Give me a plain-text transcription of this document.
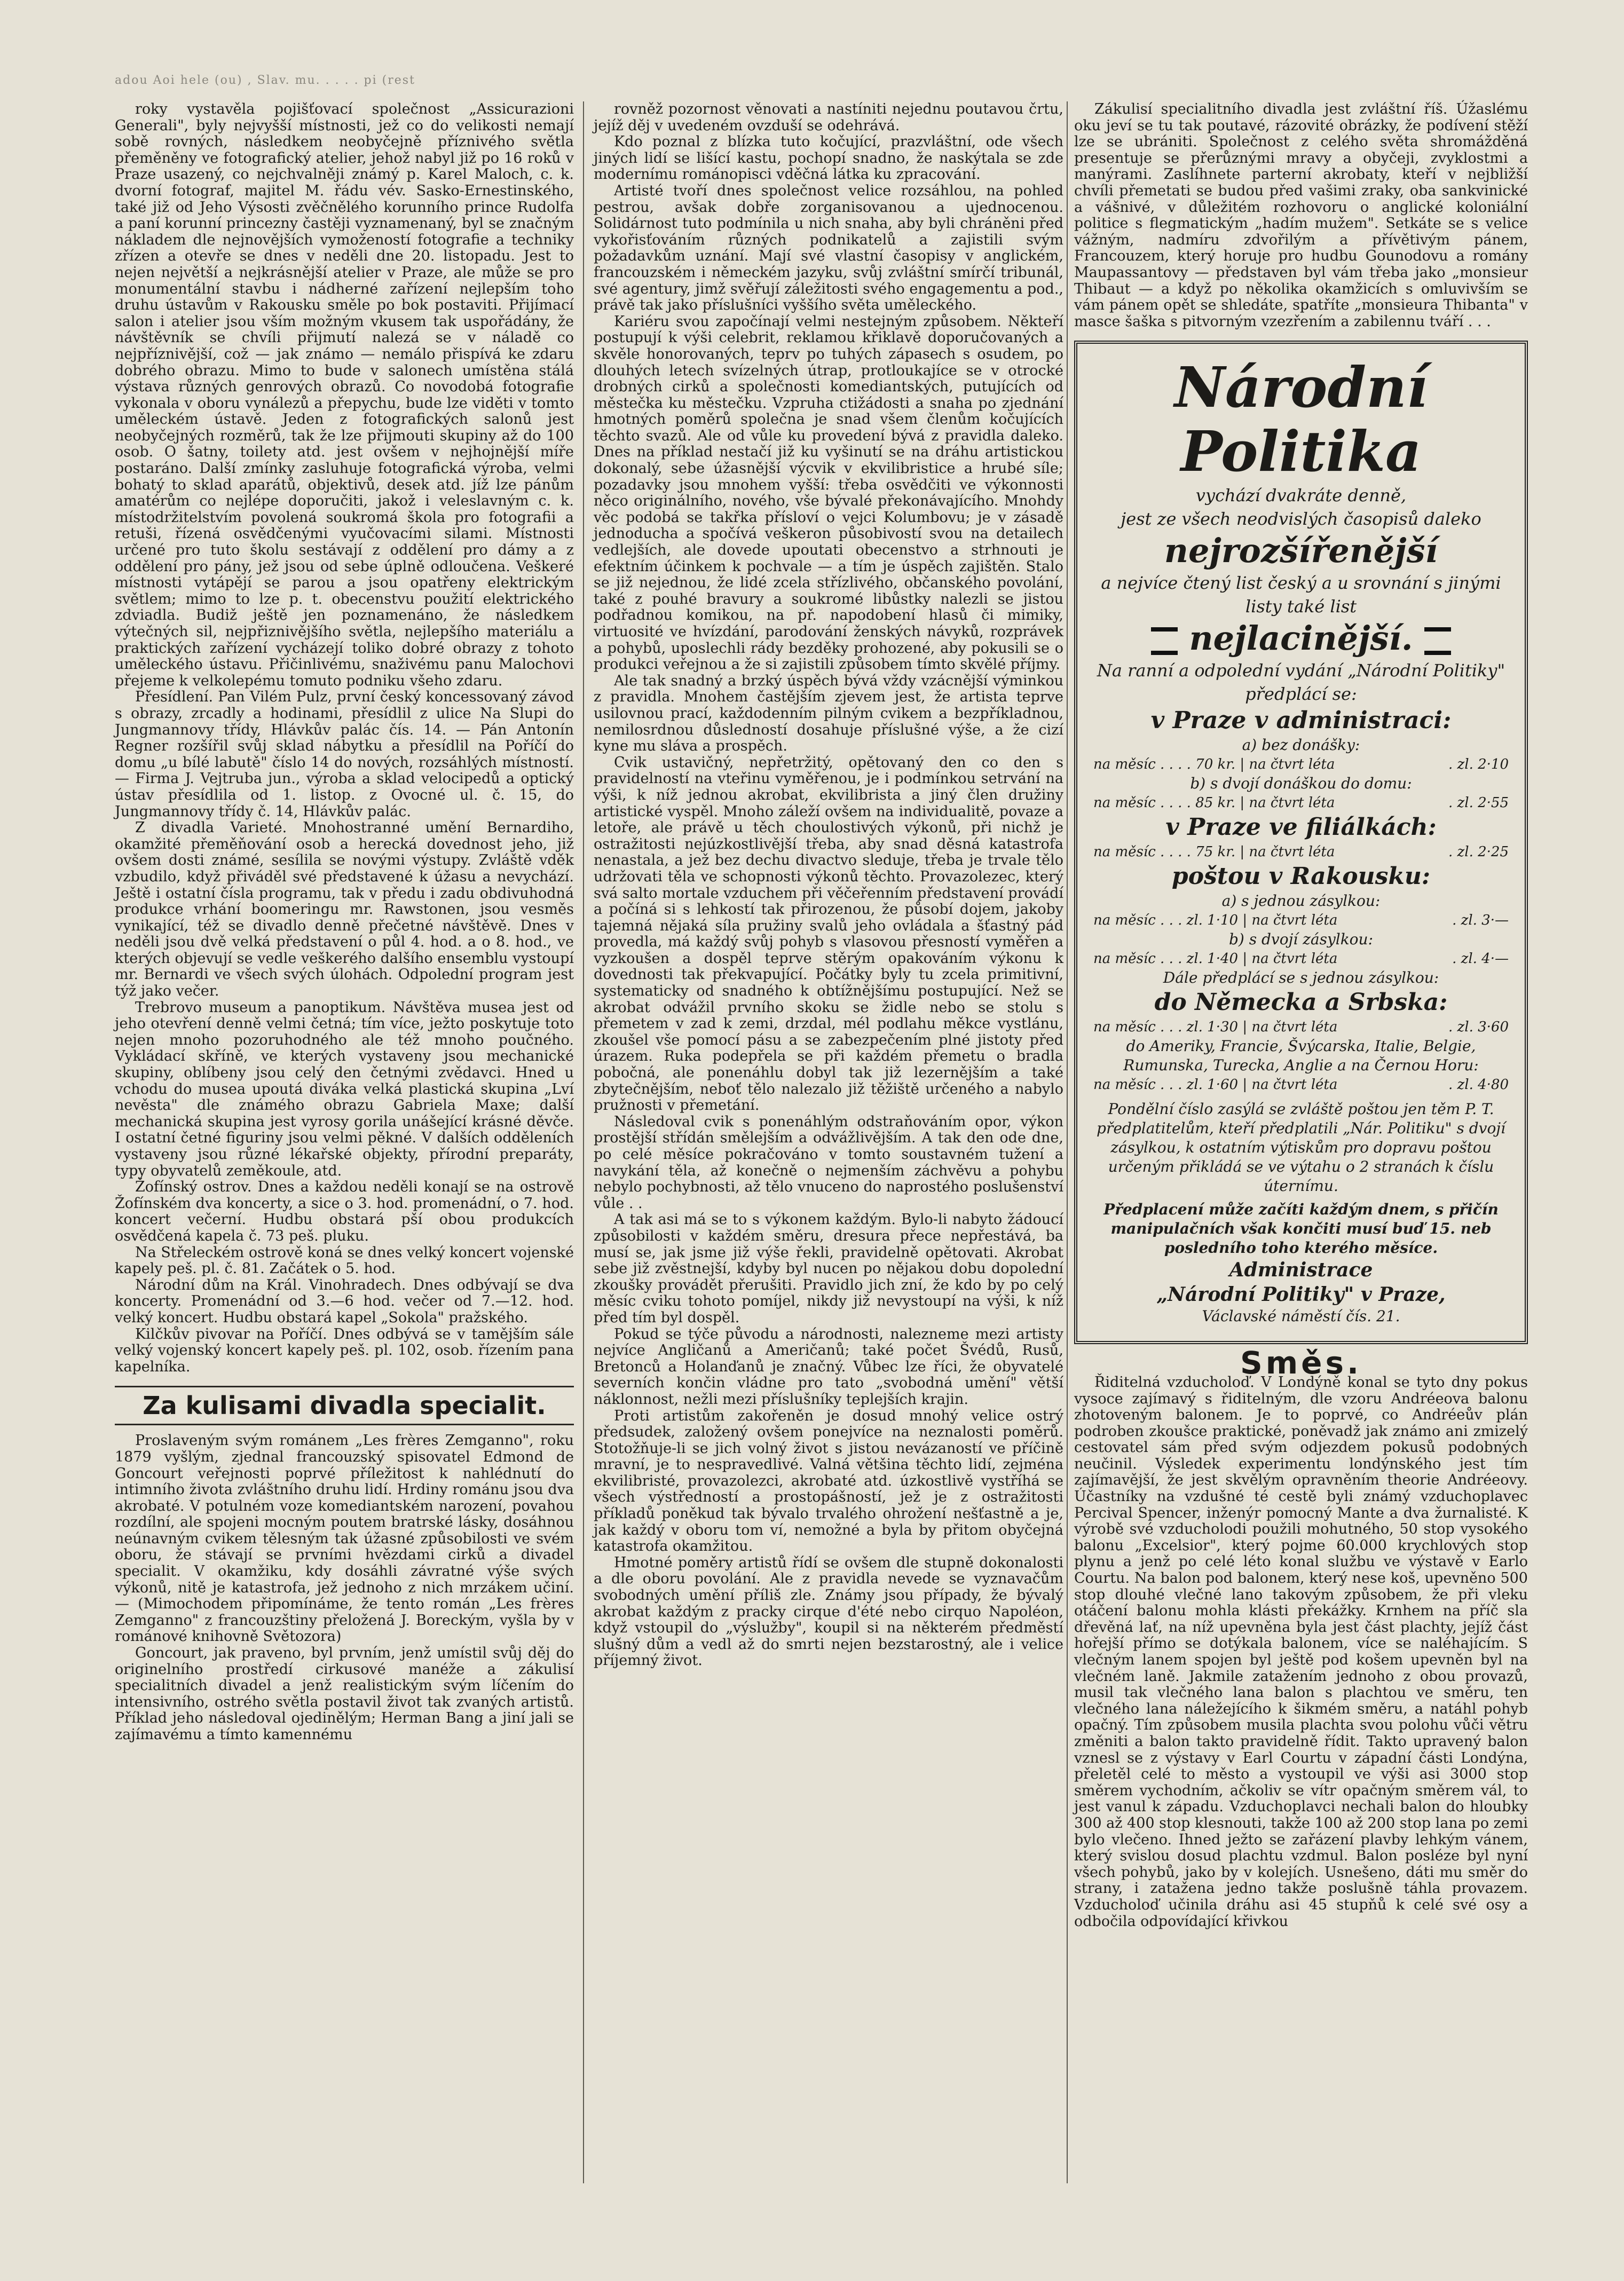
adou Aoi hele (ou) , Slav. mu. . . . . pi (rest

roky vystavěla pojišťovací společnost „Assicurazioni Generali", byly nejvyšší místnosti, jež co do velikosti nemají sobě rovných, následkem neobyčejně příznivého světla přeměněny ve fotografický atelier, jehož nabyl již po 16 roků v Praze usazený, co nejchvalněji známý p. Karel Maloch, c. k. dvorní fotograf, majitel M. řádu vév. Sasko-Ernestinského, také již od Jeho Výsosti zvěčnělého korunního prince Rudolfa a paní korunní princezny častěji vyznamenaný, byl se značným nákladem dle nejnovějších vymožeností fotografie a techniky zřízen a otevře se dnes v neděli dne 20. listopadu. Jest to nejen největší a nejkrásnější atelier v Praze, ale může se pro monumentální stavbu i nádherné zařízení nejlepším toho druhu ústavům v Rakousku směle po bok postaviti. Přijímací salon i atelier jsou vším možným vkusem tak uspořádány, že návštěvník se chvíli přijmutí nalezá se v náladě co nejpříznivější, což — jak známo — nemálo přispívá ke zdaru dobrého obrazu. Mimo to bude v salonech umístěna stálá výstava různých genrových obrazů. Co novodobá fotografie vykonala v oboru vynálezů a přepychu, bude lze viděti v tomto uměleckém ústavě. Jeden z fotografických salonů jest neobyčejných rozměrů, tak že lze přijmouti skupiny až do 100 osob. O šatny, toilety atd. jest ovšem v nejhojnější míře postaráno. Další zmínky zasluhuje fotografická výroba, velmi bohatý to sklad aparátů, objektivů, desek atd. jíž lze pánům amatérům co nejlépe doporučiti, jakož i veleslavným c. k. místodržitelstvím povolená soukromá škola pro fotografii a retuši, řízená osvědčenými vyučovacími silami. Místnosti určené pro tuto školu sestávají z oddělení pro dámy a z oddělení pro pány, jež jsou od sebe úplně odloučena. Veškeré místnosti vytápějí se parou a jsou opatřeny elektrickým světlem; mimo to lze p. t. obecenstvu použití elektrického zdviadla. Budiž ještě jen poznamenáno, že následkem výtečných sil, nejpřiznivějšího světla, nejlepšího materiálu a praktických zařízení vycházejí toliko dobré obrazy z tohoto uměleckého ústavu. Přičinlivému, snaživému panu Malochovi přejeme k velkolepému tomuto podniku všeho zdaru.

Přesídlení. Pan Vilém Pulz, první český koncessovaný závod s obrazy, zrcadly a hodinami, přesídlil z ulice Na Slupi do Jungmannovy třídy, Hlávkův palác čís. 14. — Pán Antonín Regner rozšířil svůj sklad nábytku a přesídlil na Poříčí do domu „u bílé labutě" číslo 14 do nových, rozsáhlých místností. — Firma J. Vejtruba jun., výroba a sklad velocipedů a optický ústav přesídlila od 1. listop. z Ovocné ul. č. 15, do Jungmannovy třídy č. 14, Hlávkův palác.

Z divadla Varieté. Mnohostranné umění Bernardiho, okamžité přeměňování osob a herecká dovednost jeho, již ovšem dosti známé, sesílila se novými výstupy. Zvláště vděk vzbudilo, když přiváděl své představené k úžasu a nevychází. Ještě i ostatní čísla programu, tak v předu i zadu obdivuhodná produkce vrhání boomeringu mr. Rawstonen, jsou vesměs vynikající, též se divadlo denně přečetné návštěvě. Dnes v neděli jsou dvě velká představení o půl 4. hod. a o 8. hod., ve kterých objevují se vedle veškerého dalšího ensemblu vystoupí mr. Bernardi ve všech svých úlohách. Odpolední program jest týž jako večer.

Trebrovo museum a panoptikum. Návštěva musea jest od jeho otevření denně velmi četná; tím více, ježto poskytuje toto nejen mnoho pozoruhodného ale též mnoho poučného. Vykládací skříně, ve kterých vystaveny jsou mechanické skupiny, oblíbeny jsou celý den četnými zvědavci. Hned u vchodu do musea upoutá diváka velká plastická skupina „Lví nevěsta" dle známého obrazu Gabriela Maxe; další mechanická skupina jest vyrosy gorila unášející krásné děvče. I ostatní četné figuriny jsou velmi pěkné. V dalších odděleních vystaveny jsou různé lékařské objekty, přírodní preparáty, typy obyvatelů zeměkoule, atd.

Žofínský ostrov. Dnes a každou neděli konají se na ostrově Žofínském dva koncerty, a sice o 3. hod. promenádní, o 7. hod. koncert večerní. Hudbu obstará pší obou produkcích osvědčená kapela č. 73 peš. pluku.

Na Střeleckém ostrově koná se dnes velký koncert vojenské kapely peš. pl. č. 81. Začátek o 5. hod.

Národní dům na Král. Vinohradech. Dnes odbývají se dva koncerty. Promenádní od 3.—6 hod. večer od 7.—12. hod. velký koncert. Hudbu obstará kapel „Sokola" pražského.

Kilčkův pivovar na Poříčí. Dnes odbývá se v tamějším sále velký vojenský koncert kapely peš. pl. 102, osob. řízením pana kapelníka.

Za kulisami divadla specialit.

Proslaveným svým románem „Les frères Zemganno", roku 1879 vyšlým, zjednal francouzský spisovatel Edmond de Goncourt veřejnosti poprvé příležitost k nahlédnutí do intimního života zvláštního druhu lidí. Hrdiny románu jsou dva akrobaté. V potulném voze komediantském narození, povahou rozdílní, ale spojeni mocným poutem bratrské lásky, dosáhnou neúnavným cvikem tělesným tak úžasné způsobilosti ve svém oboru, že stávají se prvními hvězdami cirků a divadel specialit. V okamžiku, kdy dosáhli závratné výše svých výkonů, nitě je katastrofa, jež jednoho z nich mrzákem učiní. — (Mimochodem připomínáme, že tento román „Les frères Zemganno" z francouzštiny přeložená J. Boreckým, vyšla by v románové knihovně Světozora)

Goncourt, jak praveno, byl prvním, jenž umístil svůj děj do originelního prostředí cirkusové manéže a zákulisí specialitních divadel a jenž realistickým svým líčením do intensivního, ostrého světla postavil život tak zvaných artistů. Příklad jeho následoval ojedinělým; Herman Bang a jiní jali se zajímavému a tímto kamennému

rovněž pozornost věnovati a nastíniti nejednu poutavou črtu, jejíž děj v uvedeném ovzduší se odehrává.

Kdo poznal z blízka tuto kočující, prazvláštní, ode všech jiných lidí se lišící kastu, pochopí snadno, že naskýtala se zde modernímu románopisci vděčná látka ku zpracování.

Artisté tvoří dnes společnost velice rozsáhlou, na pohled pestrou, avšak dobře zorganisovanou a ujednocenou. Solidárnost tuto podmínila u nich snaha, aby byli chráněni před vykořisťováním různých podnikatelů a zajistili svým požadavkům uznání. Mají své vlastní časopisy v anglickém, francouzském i německém jazyku, svůj zvláštní smírčí tribunál, své agentury, jimž svěřují záležitosti svého engagementu a pod., právě tak jako příslušníci vyššího světa uměleckého.

Kariéru svou započínají velmi nestejným způsobem. Někteří postupují k výši celebrit, reklamou křiklavě doporučovaných a skvěle honorovaných, teprv po tuhých zápasech s osudem, po dlouhých letech svízelných útrap, protloukajíce se v otrocké drobných cirků a společnosti komediantských, putujících od městečka ku městečku. Vzpruha ctižádosti a snaha po zjednání hmotných poměrů společna je snad všem členům kočujících těchto svazů. Ale od vůle ku provedení bývá z pravidla daleko. Dnes na příklad nestačí již ku vyšinutí se na dráhu artistickou dokonalý, sebe úžasnější výcvik v ekvilibristice a hrubé síle; pozadavky jsou mnohem vyšší: třeba osvědčiti ve výkonnosti něco originálního, nového, vše bývalé překonávajícího. Mnohdy věc podobá se takřka přísloví o vejci Kolumbovu; je v zásadě jednoducha a spočívá veškeron působivostí svou na detailech vedlejších, ale dovede upoutati obecenstvo a strhnouti je efektním účinkem k pochvale — a tím je úspěch zajištěn. Stalo se již nejednou, že lidé zcela střízlivého, občanského povolání, také z pouhé bravury a soukromé libůstky nalezli se jistou podřadnou komikou, na př. napodobení hlasů či mimiky, virtuosité ve hvízdání, parodování ženských návyků, rozprávek a pohybů, uposlechli rády bezděky prohozené, aby pokusili se o produkci veřejnou a že si zajistili způsobem tímto skvělé příjmy.

Ale tak snadný a brzký úspěch bývá vždy vzácnější výminkou z pravidla. Mnohem častějším zjevem jest, že artista teprve usilovnou prací, každodenním pilným cvikem a bezpříkladnou, nemilosrdnou důsledností dosahuje příslušné výše, a že cizí kyne mu sláva a prospěch.

Cvik ustavičný, nepřetržitý, opětovaný den co den s pravidelností na vteřinu vyměřenou, je i podmínkou setrvání na výši, k níž jednou akrobat, ekvilibrista a jiný člen družiny artistické vyspěl. Mnoho záleží ovšem na individualitě, povaze a letoře, ale právě u těch choulostivých výkonů, při nichž je ostražitosti nejúzkostlivější třeba, aby snad děsná katastrofa nenastala, a jež bez dechu divactvo sleduje, třeba je trvale tělo udržovati těla ve schopnosti výkonů těchto. Provazolezec, který svá salto mortale vzduchem při věčeřenním představení provádí a počíná si s lehkostí tak přirozenou, že působí dojem, jakoby tajemná nějaká síla pružiny svalů jeho ovládala a šťastný pád provedla, má každý svůj pohyb s vlasovou přesností vyměřen a vyzkoušen a dospěl teprve stěrým opakováním výkonu k dovednosti tak překvapující. Počátky byly tu zcela primitivní, systematicky od snadného k obtížnějšímu postupující. Než se akrobat odvážil prvního skoku se židle nebo se stolu s přemetem v zad k zemi, drzdal, mél podlahu měkce vystlánu, zkoušel vše pomocí pásu a se zabezpečením plné jistoty před úrazem. Ruka podepřela se při každém přemetu o bradla pobočná, ale ponenáhlu dobyl tak již lezernějším a také zbytečnějším, neboť tělo nalezalo již těžiště určeného a nabylo pružnosti v přemetání.

Následoval cvik s ponenáhlým odstraňováním opor, výkon prostější střídán smělejším a odvážlivějším. A tak den ode dne, po celé měsíce pokračováno v tomto soustavném tužení a navykání těla, až konečně o nejmenším záchvěvu a pohybu nebylo pochybnosti, až tělo vnuceno do naprostého poslušenství vůle . .

A tak asi má se to s výkonem každým. Bylo-li nabyto žádoucí způsobilosti v každém směru, dresura přece nepřestává, ba musí se, jak jsme již výše řekli, pravidelně opětovati. Akrobat sebe již zvěstnejší, kdyby byl nucen po nějakou dobu dopolední zkoušky provádět přerušiti. Pravidlo jich zní, že kdo by po celý měsíc cviku tohoto pomíjel, nikdy již nevystoupí na výši, k níž před tím byl dospěl.

Pokud se týče původu a národnosti, nalezneme mezi artisty nejvíce Angličanů a Američanů; také počet Švédů, Rusů, Bretonců a Holanďanů je značný. Vůbec lze říci, že obyvatelé severních končin vládne pro tato „svobodná umění" větší náklonnost, nežli mezi příslušníky teplejších krajin.

Proti artistům zakořeněn je dosud mnohý velice ostrý předsudek, založený ovšem ponejvíce na neznalosti poměrů. Stotožňuje-li se jich volný život s jistou nevázaností ve příčině mravní, je to nespravedlivé. Valná většina těchto lidí, zejména ekvilibristé, provazolezci, akrobaté atd. úzkostlivě vystříhá se všech výstředností a prostopášností, jež je z ostražitosti příkladů poněkud tak bývalo trvalého ohrožení nešťastně a je, jak každý v oboru tom ví, nemožné a byla by přitom obyčejná katastrofa okamžitou.

Hmotné poměry artistů řídí se ovšem dle stupně dokonalosti a dle oboru povolání. Ale z pravidla nevede se vyznavačům svobodných umění příliš zle. Známy jsou případy, že bývalý akrobat každým z pracky cirque d'été nebo cirquo Napoléon, když vstoupil do „výslužby", koupil si na některém předměstí slušný dům a vedl až do smrti nejen bezstarostný, ale i velice příjemný život.

Zákulisí specialitního divadla jest zvláštní říš. Úžaslému oku jeví se tu tak poutavé, rázovité obrázky, že podívení stěží lze se ubrániti. Společnost z celého světa shromážděná presentuje se přerůznými mravy a obyčeji, zvyklostmi a manýrami. Zaslíhnete parterní akrobaty, kteří v nejbližší chvíli přemetati se budou před vašimi zraky, oba sankvinické a vášnivé, v důležitém rozhovoru o anglické koloniální politice s flegmatickým „hadím mužem". Setkáte se s velice vážným, nadmíru zdvořilým a přívětivým pánem, Francouzem, který horuje pro hudbu Gounodovu a romány Maupassantovy — představen byl vám třeba jako „monsieur Thibaut — a když po několika okamžicích s omluvivším se vám pánem opět se shledáte, spatříte „monsieura Thibanta" v masce šaška s pitvorným vzezřením a zabilennu tváří . . .

Národní Politika
vychází dvakráte denně,
jest ze všech neodvislých časopisů daleko
nejrozšířenější
a nejvíce čtený list český a u srovnání s jinými listy také list
nejlacinější.
Na ranní a odpolední vydání „Národní Politiky" předplácí se:
v Praze v administraci:
a) bez donášky:
na měsíc . . . . 70 kr. | na čtvrt léta	. zl. 2·10
b) s dvojí donáškou do domu:
na měsíc . . . . 85 kr. | na čtvrt léta	. zl. 2·55
v Praze ve filiálkách:
na měsíc . . . . 75 kr. | na čtvrt léta	. zl. 2·25
poštou v Rakousku:
a) s jednou zásylkou:
na měsíc . . . zl. 1·10 | na čtvrt léta	. zl. 3·—
b) s dvojí zásylkou:
na měsíc . . . zl. 1·40 | na čtvrt léta	. zl. 4·—
Dále předplácí se s jednou zásylkou:
do Německa a Srbska:
na měsíc . . . zl. 1·30 | na čtvrt léta	. zl. 3·60
do Ameriky, Francie, Švýcarska, Italie, Belgie, Rumunska, Turecka, Anglie a na Černou Horu:
na měsíc . . . zl. 1·60 | na čtvrt léta	. zl. 4·80
Pondělní číslo zasýlá se zvláště poštou jen těm P. T. předplatitelům, kteří předplatili „Nár. Politiku" s dvojí zásylkou, k ostatním výtiskům pro dopravu poštou určeným přikládá se ve výtahu o 2 stranách k číslu úternímu.
Předplacení může začíti každým dnem, s přičín manipulačních však končiti musí buď 15. neb posledního toho kterého měsíce.
Administrace
„Národní Politiky" v Praze,
Václavské náměstí čís. 21.
Směs.

Řiditelná vzducholoď. V Londýně konal se tyto dny pokus vysoce zajímavý s řiditelným, dle vzoru Andréeova balonu zhotoveným balonem. Je to poprvé, co Andréeův plán podroben zkoušce praktické, poněvadž jak známo ani zmizelý cestovatel sám před svým odjezdem pokusů podobných neučinil. Výsledek experimentu londýnského jest tím zajímavější, že jest skvělým opravněním theorie Andréeovy. Účastníky na vzdušné té cestě byli známý vzduchoplavec Percival Spencer, inženýr pomocný Mante a dva žurnalisté. K výrobě své vzducholodi použili mohutného, 50 stop vysokého balonu „Excelsior", který pojme 60.000 krychlových stop plynu a jenž po celé léto konal službu ve výstavě v Earlo Courtu. Na balon pod balonem, který nese koš, upevněno 500 stop dlouhé vlečné lano takovým způsobem, že při vleku otáčení balonu mohla klásti překážky. Krnhem na příč sla dřevěná lať, na níž upevněna byla jest část plachty, jejíž část hořejší přímo se dotýkala balonem, více se naléhajícím. S vlečným lanem spojen byl ještě pod košem upevněn byl na vlečném laně. Jakmile zatažením jednoho z obou provazů, musil tak vlečného lana balon s plachtou ve směru, ten vlečného lana náležejícího k šikmém směru, a natáhl pohyb opačný. Tím způsobem musila plachta svou polohu vůči větru změniti a balon takto pravidelně řídit. Takto upravený balon vznesl se z výstavy v Earl Courtu v západní části Londýna, přeletěl celé to město a vystoupil ve výši asi 3000 stop směrem vychodním, ačkoliv se vítr opačným směrem vál, to jest vanul k západu. Vzduchoplavci nechali balon do hloubky 300 až 400 stop klesnouti, takže 100 až 200 stop lana po zemi bylo vlečeno. Ihned ježto se zařázení plavby lehkým vánem, který svislou dosud plachtu vzdmul. Balon posléze byl nyní všech pohybů, jako by v kolejích. Usnešeno, dáti mu směr do strany, i zatažena jedno takže poslušně táhla provazem. Vzducholoď učinila dráhu asi 45 stupňů k celé své osy a odbočila odpovídající křivkou
